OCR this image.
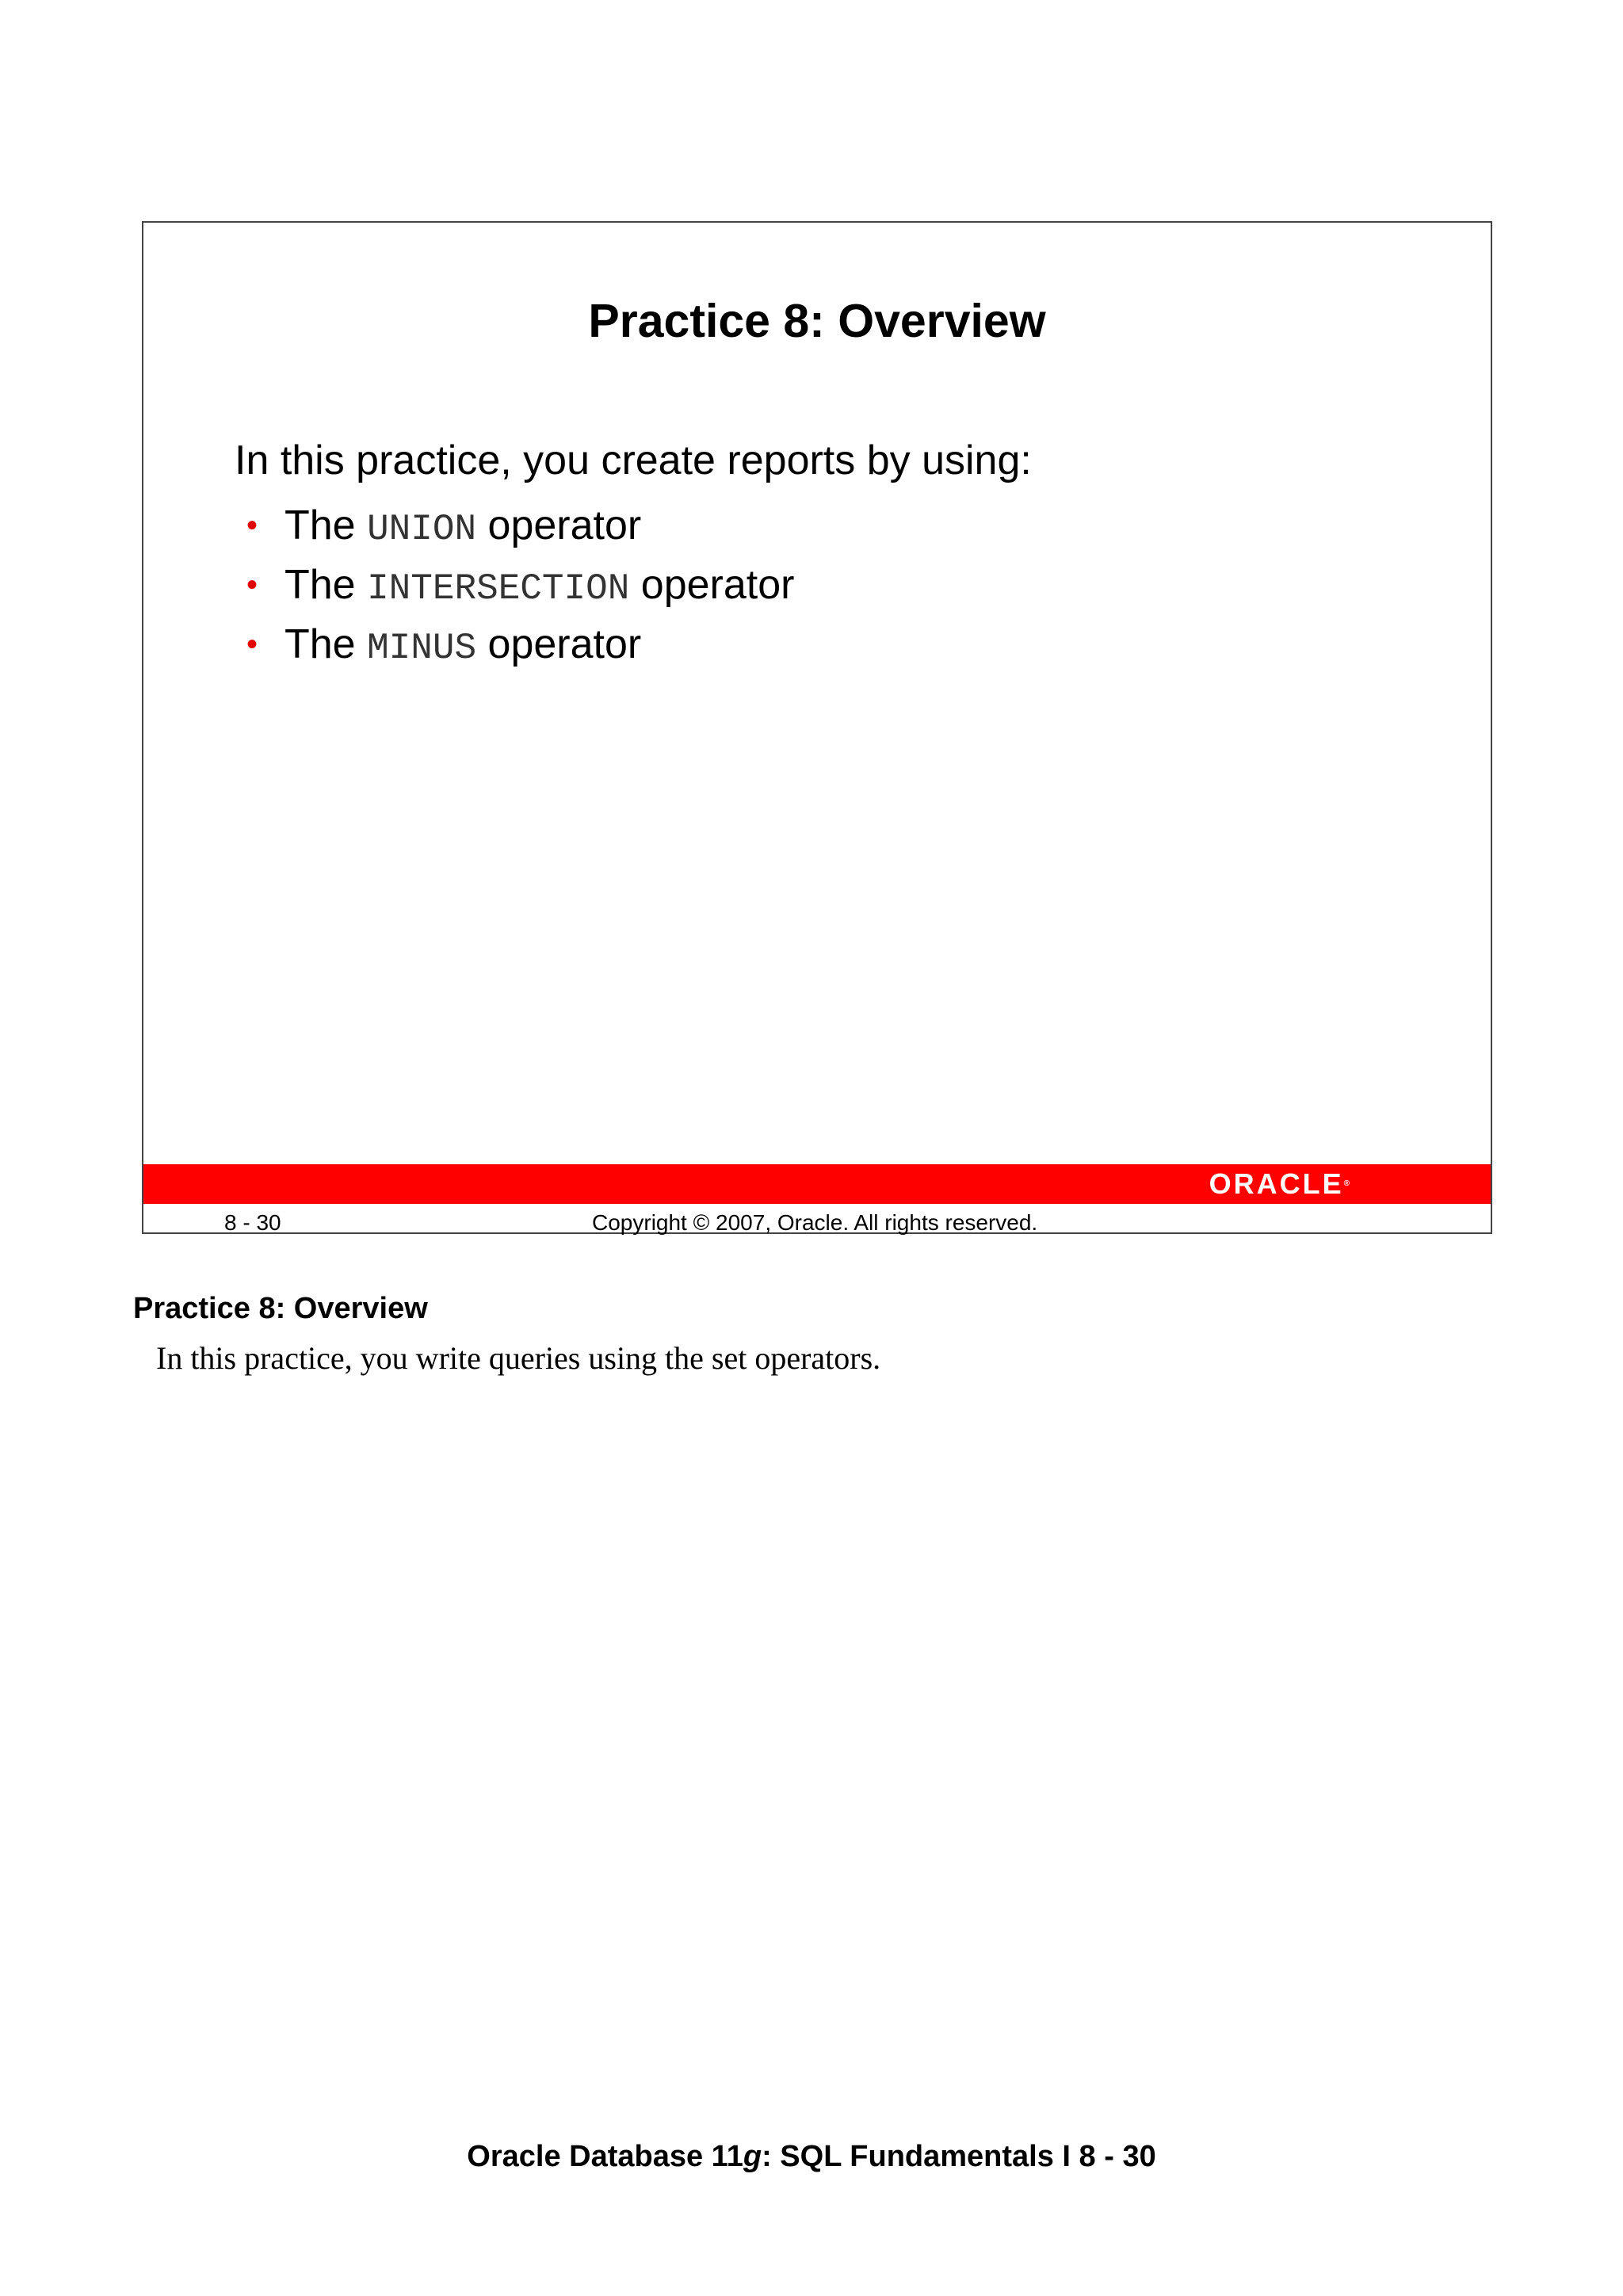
Practice 8: Overview
In this practice, you create reports by using:
• The UNION operator
• The INTERSECTION operator
• The MINUS operator
ORACLE®
8 - 30	Copyright © 2007, Oracle. All rights reserved.
Practice 8: Overview
In this practice, you write queries using the set operators.
Oracle Database 11g: SQL Fundamentals I 8 - 30
